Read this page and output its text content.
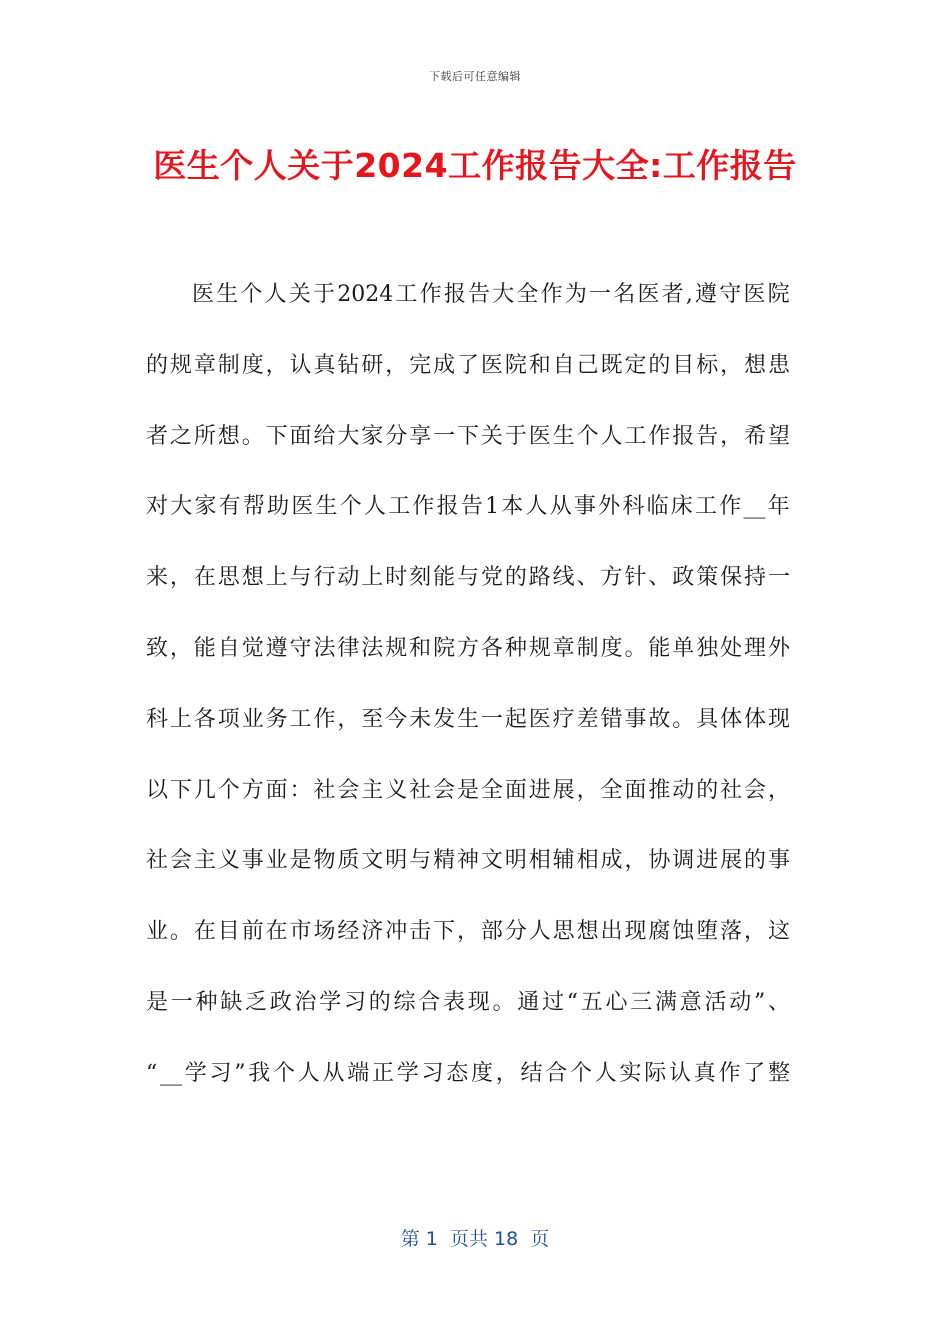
下载后可任意编辑
医生个人关于2024工作报告大全:工作报告
医 生 个 人 关 于 2024 工 作 报 告 大 全 作 为 一 名 医 者 , 遵 守 医 院
的 规 章 制 度 ， 认 真 钻 研 ， 完 成 了 医 院 和 自 己 既 定 的 目 标 ， 想 患
者 之 所 想 。 下 面 给 大 家 分 享 一 下 关 于 医 生 个 人 工 作 报 告 ， 希 望
对 大 家 有 帮 助 医 生 个 人 工 作 报 告 1 本 人 从 事 外 科 临 床 工 作 __ 年
来 ， 在 思 想 上 与 行 动 上 时 刻 能 与 党 的 路 线 、 方 针 、 政 策 保 持 一
致 ， 能 自 觉 遵 守 法 律 法 规 和 院 方 各 种 规 章 制 度 。 能 单 独 处 理 外
科 上 各 项 业 务 工 作 ， 至 今 未 发 生 一 起 医 疗 差 错 事 故 。 具 体 体 现
以 下 几 个 方 面 ： 社 会 主 义 社 会 是 全 面 进 展 ， 全 面 推 动 的 社 会 ，
社 会 主 义 事 业 是 物 质 文 明 与 精 神 文 明 相 辅 相 成 ， 协 调 进 展 的 事
业 。 在 目 前 在 市 场 经 济 冲 击 下 ， 部 分 人 思 想 出 现 腐 蚀 堕 落 ， 这
是 一 种 缺 乏 政 治 学 习 的 综 合 表 现 。 通 过 “ 五 心 三 满 意 活 动 ” 、
“ __ 学 习 ” 我 个 人 从 端 正 学 习 态 度 ， 结 合 个 人 实 际 认 真 作 了 整
第 1  页共 18  页
